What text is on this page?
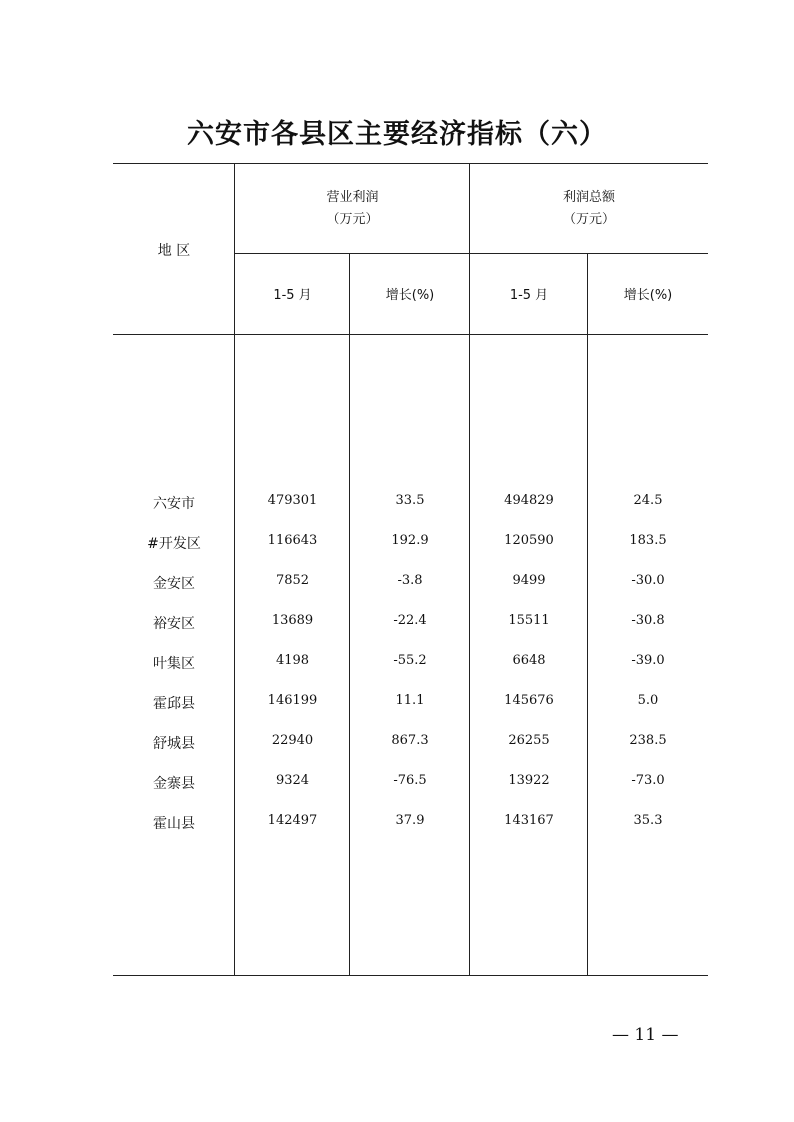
六安市各县区主要经济指标（六）
地 区
营业利润
（万元）
利润总额
（万元）
1-5 月	增长(%)	1-5 月	增长(%)
六安市	479301	33.5	494829	24.5
#开发区	116643	192.9	120590	183.5
金安区	7852	-3.8	9499	-30.0
裕安区	13689	-22.4	15511	-30.8
叶集区	4198	-55.2	6648	-39.0
霍邱县	146199	11.1	145676	5.0
舒城县	22940	867.3	26255	238.5
金寨县	9324	-76.5	13922	-73.0
霍山县	142497	37.9	143167	35.3
— 11 —
